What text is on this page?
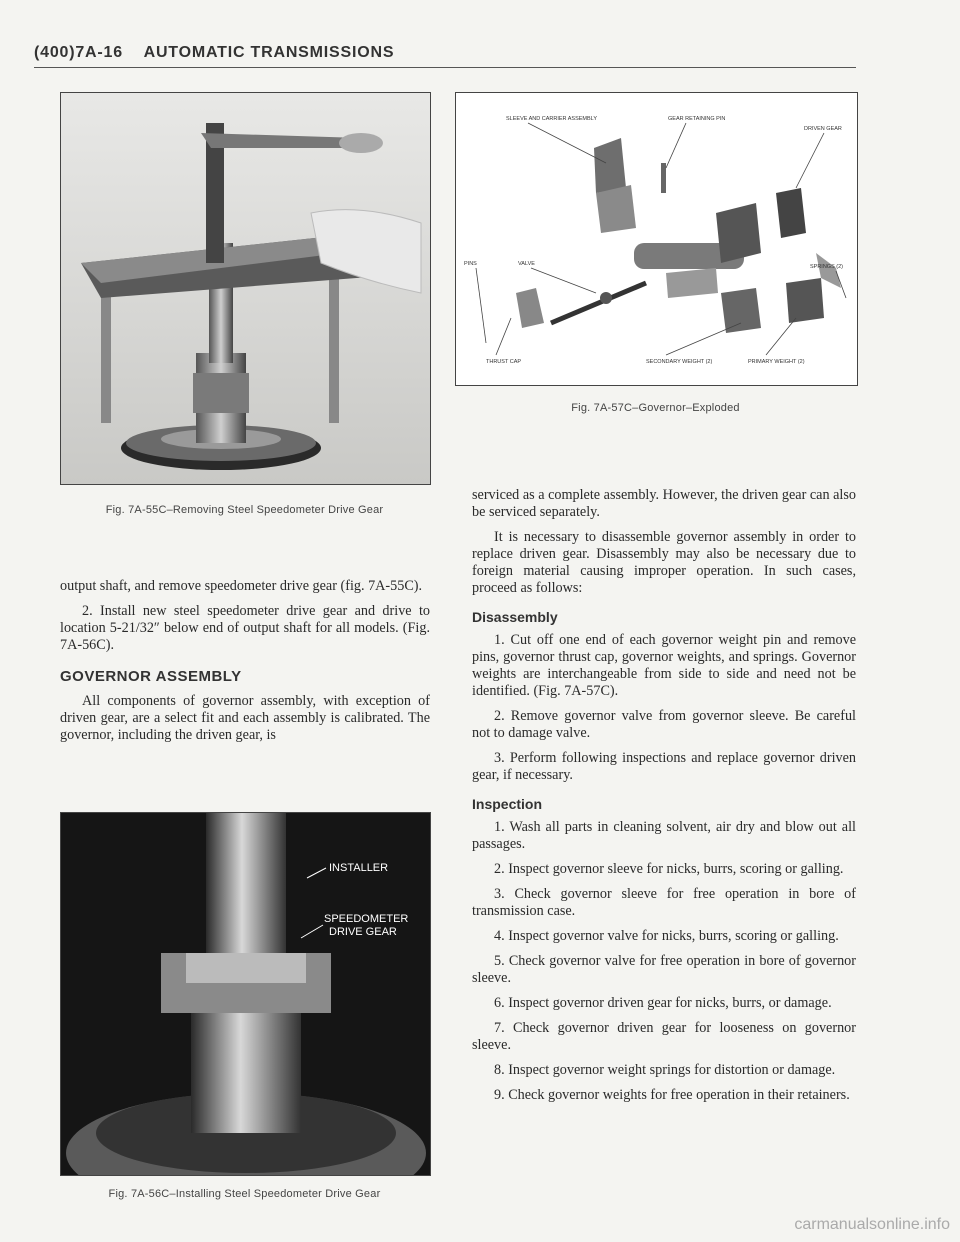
(400)7A-16 AUTOMATIC TRANSMISSIONS
Fig. 7A-55C–Removing Steel Speedometer Drive Gear

output shaft, and remove speedometer drive gear (fig. 7A-55C).

2. Install new steel speedometer drive gear and drive to location 5-21/32″ below end of output shaft for all models. (Fig. 7A-56C).

GOVERNOR ASSEMBLY

All components of governor assembly, with exception of driven gear, are a select fit and each assembly is calibrated. The governor, including the driven gear, is

INSTALLER
SPEEDOMETER
DRIVE GEAR
Fig. 7A-56C–Installing Steel Speedometer Drive Gear
SLEEVE AND CARRIER ASSEMBLY	GEAR RETAINING PIN
DRIVEN GEAR
PINS	VALVE	SPRINGS (2)
THRUST CAP	SECONDARY WEIGHT (2)	PRIMARY WEIGHT (2)
Fig. 7A-57C–Governor–Exploded

serviced as a complete assembly. However, the driven gear can also be serviced separately.

It is necessary to disassemble governor assembly in order to replace driven gear. Disassembly may also be necessary due to foreign material causing improper operation. In such cases, proceed as follows:

Disassembly

1. Cut off one end of each governor weight pin and remove pins, governor thrust cap, governor weights, and springs. Governor weights are interchangeable from side to side and need not be identified. (Fig. 7A-57C).

2. Remove governor valve from governor sleeve. Be careful not to damage valve.

3. Perform following inspections and replace governor driven gear, if necessary.

Inspection

1. Wash all parts in cleaning solvent, air dry and blow out all passages.

2. Inspect governor sleeve for nicks, burrs, scoring or galling.

3. Check governor sleeve for free operation in bore of transmission case.

4. Inspect governor valve for nicks, burrs, scoring or galling.

5. Check governor valve for free operation in bore of governor sleeve.

6. Inspect governor driven gear for nicks, burrs, or damage.

7. Check governor driven gear for looseness on governor sleeve.

8. Inspect governor weight springs for distortion or damage.

9. Check governor weights for free operation in their retainers.

carmanualsonline.info
